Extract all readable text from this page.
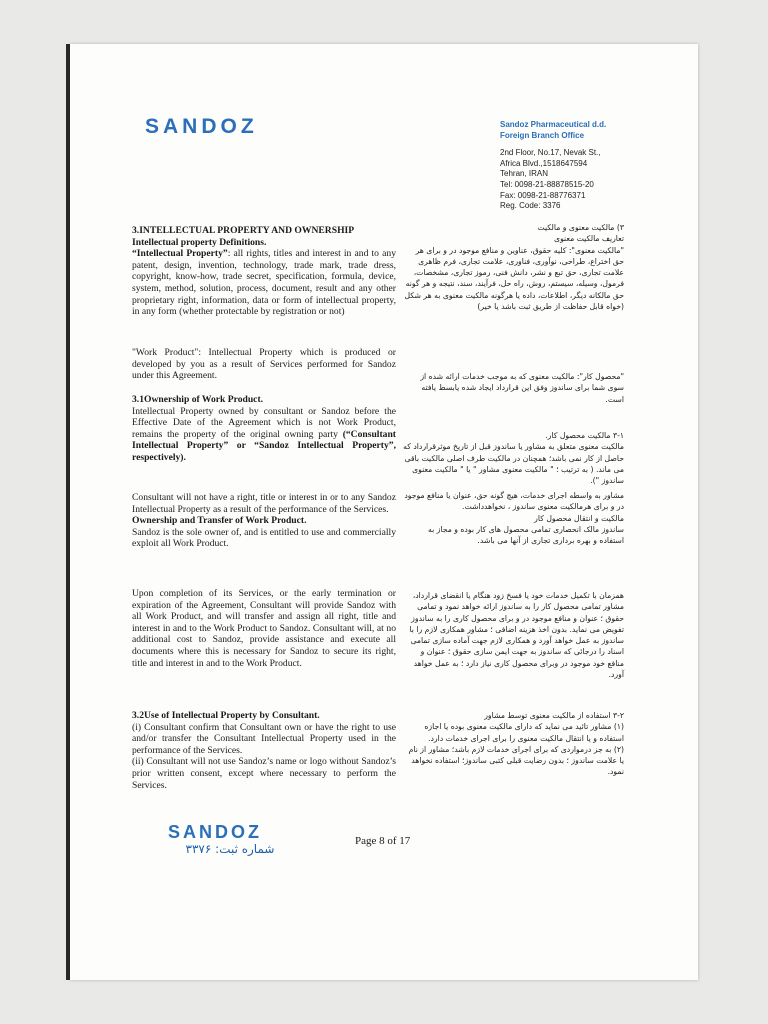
SANDOZ	Sandoz Pharmaceutical d.d.
Foreign Branch Office
2nd Floor, No.17, Nevak St.,
Africa Blvd.,1518647594
Tehran, IRAN
Tel: 0098-21-88878515-20
Fax: 0098-21-88776371
Reg. Code: 3376

3.INTELLECTUAL PROPERTY AND OWNERSHIP

Intellectual property Definitions.

“Intellectual Property”: all rights, titles and interest in and to any patent, design, invention, technology, trade mark, trade dress, copyright, know-how, trade secret, specification, formula, device, system, method, solution, process, document, result and any other proprietary right, information, data or form of intellectual property, in any form (whether protectable by registration or not)

"Work Product": Intellectual Property which is produced or developed by you as a result of Services performed for Sandoz under this Agreement.

3.1Ownership of Work Product.

Intellectual Property owned by consultant or Sandoz before the Effective Date of the Agreement which is not Work Product, remains the property of the original owning party (“Consultant Intellectual Property” or “Sandoz Intellectual Property”, respectively).

Consultant will not have a right, title or interest in or to any Sandoz Intellectual Property as a result of the performance of the Services.

Ownership and Transfer of Work Product.

Sandoz is the sole owner of, and is entitled to use and commercially exploit all Work Product.

Upon completion of its Services, or the early termination or expiration of the Agreement, Consultant will provide Sandoz with all Work Product, and will transfer and assign all right, title and interest in and to the Work Product to Sandoz. Consultant will, at no additional cost to Sandoz, provide assistance and execute all documents where this is necessary for Sandoz to secure its right, title and interest in and to the Work Product.

3.2Use of Intellectual Property by Consultant.

(i) Consultant confirm that Consultant own or have the right to use and/or transfer the Consultant Intellectual Property used in the performance of the Services.

(ii) Consultant will not use Sandoz’s name or logo without Sandoz’s prior written consent, except where necessary to perform the Services.

۳) مالکیت معنوی و مالکیت
تعاریف مالکیت معنوی
"مالکیت معنوی": کلیه حقوق، عناوین و منافع موجود در و برای هر حق اختراع، طراحی، نوآوری، فناوری، علامت تجاری، فرم ظاهری علامت تجاری، حق تبع و نشر، دانش فنی، رموز تجاری، مشخصات، فرمول، وسیله، سیستم، روش، راه حل، فرآیند، سند، نتیجه و هر گونه حق مالکانه دیگر، اطلاعات، داده یا هرگونه مالکیت معنوی به هر شکل (خواه قابل حفاظت از طریق ثبت باشد یا خیر)
"محصول کار": مالکیت معنوی که به موجب خدمات ارائه شده از سوی شما برای ساندوز وفق این قرارداد ایجاد شده یابسط یافته است.
۳-۱ مالکیت محصول کار.
مالکیت معنوی متعلق به مشاور یا ساندوز قبل از تاریخ موثرقرارداد که حاصل از کار نمی باشد؛ همچنان در مالکیت طرف اصلی مالکیت باقی می ماند. ( به ترتیب ؛ " مالکیت معنوی مشاور " یا " مالکیت معنوی ساندوز ").
مشاور به واسطه اجرای خدمات، هیچ گونه حق، عنوان یا منافع موجود در و برای هرمالکیت معنوی ساندوز ، نخواهدداشت.
مالکیت و انتقال محصول کار
ساندوز مالک انحصاری تمامی محصول های کار بوده و مجاز به استفاده و بهره برداری تجاری از آنها می باشد.
همزمان با تکمیل خدمات خود یا فسخ زود هنگام یا انقضای قرارداد، مشاور تمامی محصول کار را به ساندوز ارائه خواهد نمود و تمامی حقوق ؛ عنوان و منافع موجود در و برای محصول کاری را به ساندوز تفویض می نماید. بدون اخذ هزینه اضافی ؛ مشاور همکاری لازم را با ساندوز به عمل خواهد آورد و همکاری لازم جهت آماده سازی تمامی اسناد را درجائی که ساندوز به جهت ایمن سازی حقوق ؛ عنوان و منافع خود موجود در وبرای محصول کاری نیاز دارد ؛ به عمل خواهد آورد.
۳-۲ استفاده از مالکیت معنوی توسط مشاور
(۱) مشاور تائید می نماید که دارای مالکیت معنوی بوده یا اجازه استفاده و یا انتقال مالکیت معنوی را برای اجرای خدمات دارد.
(۲) به جز درمواردی که برای اجرای خدمات لازم باشد؛ مشاور از نام یا علامت ساندوز ؛ بدون رضایت قبلی کتبی ساندوز؛ استفاده نخواهد نمود.
SANDOZ
شماره ثبت: ۳۳۷۶
Page 8 of 17
